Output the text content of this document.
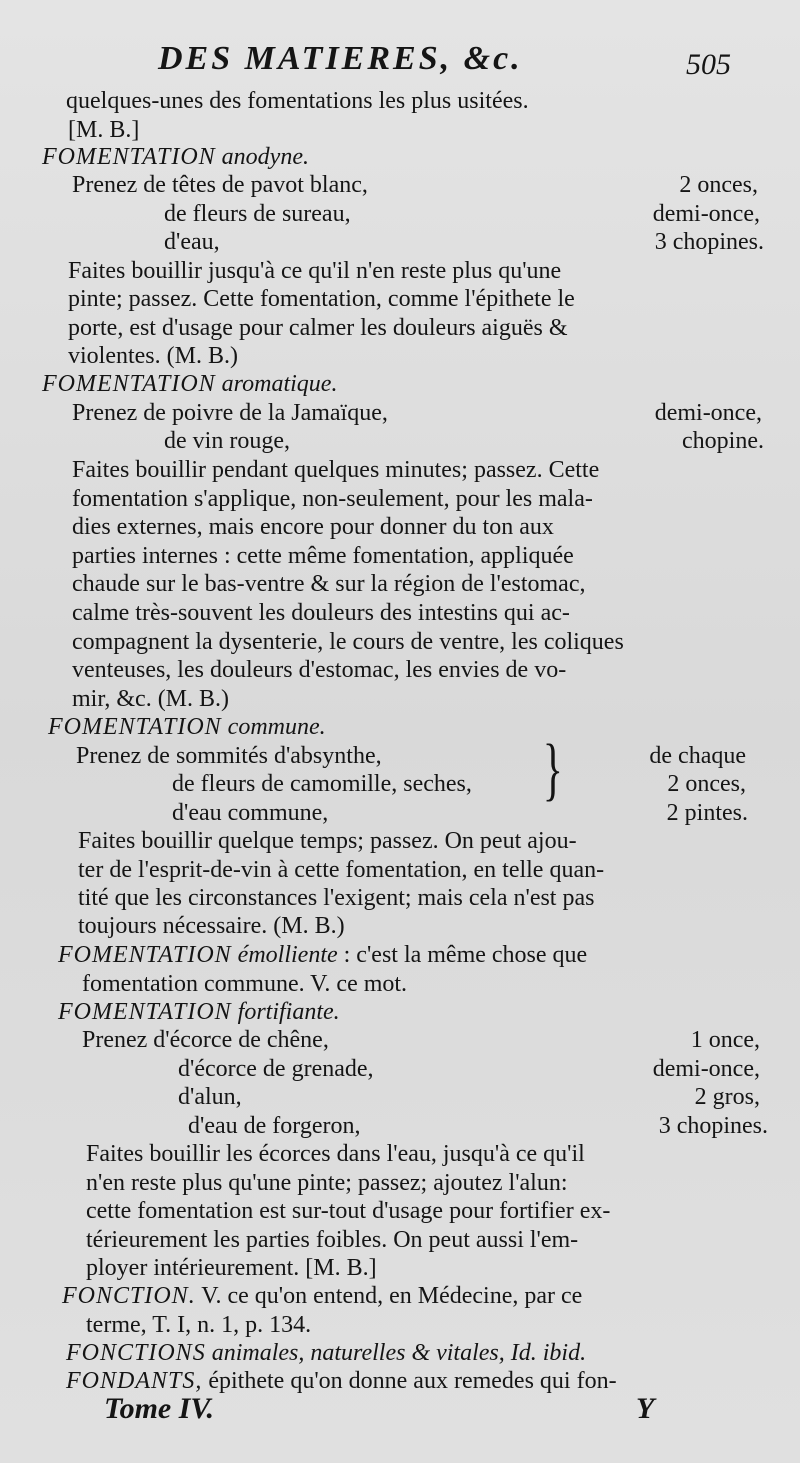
DES MATIERES, &c.	505
quelques-unes des fomentations les plus usitées.
[M. B.]
FOMENTATION anodyne.
Prenez de têtes de pavot blanc,	2 onces,
de fleurs de sureau,	demi-once,
d'eau,	3 chopines.
Faites bouillir jusqu'à ce qu'il n'en reste plus qu'une
pinte; passez. Cette fomentation, comme l'épithete le
porte, est d'usage pour calmer les douleurs aiguës &
violentes. (M. B.)
FOMENTATION aromatique.
Prenez de poivre de la Jamaïque,	demi-once,
de vin rouge,	chopine.
Faites bouillir pendant quelques minutes; passez. Cette
fomentation s'applique, non-seulement, pour les mala-
dies externes, mais encore pour donner du ton aux
parties internes : cette même fomentation, appliquée
chaude sur le bas-ventre & sur la région de l'estomac,
calme très-souvent les douleurs des intestins qui ac-
compagnent la dysenterie, le cours de ventre, les coliques
venteuses, les douleurs d'estomac, les envies de vo-
mir, &c. (M. B.)
FOMENTATION commune.
Prenez de sommités d'absynthe, }	de chaque
de fleurs de camomille, seches,	2 onces,
d'eau commune,	2 pintes.
Faites bouillir quelque temps; passez. On peut ajou-
ter de l'esprit-de-vin à cette fomentation, en telle quan-
tité que les circonstances l'exigent; mais cela n'est pas
toujours nécessaire. (M. B.)
FOMENTATION émolliente : c'est la même chose que
fomentation commune. V. ce mot.
FOMENTATION fortifiante.
Prenez d'écorce de chêne,	1 once,
d'écorce de grenade,	demi-once,
d'alun,	2 gros,
d'eau de forgeron,	3 chopines.
Faites bouillir les écorces dans l'eau, jusqu'à ce qu'il
n'en reste plus qu'une pinte; passez; ajoutez l'alun:
cette fomentation est sur-tout d'usage pour fortifier ex-
térieurement les parties foibles. On peut aussi l'em-
ployer intérieurement. [M. B.]
FONCTION. V. ce qu'on entend, en Médecine, par ce
terme, T. I, n. 1, p. 134.
FONCTIONS animales, naturelles & vitales, Id. ibid.
FONDANTS, épithete qu'on donne aux remedes qui fon-
Tome IV.	Y
